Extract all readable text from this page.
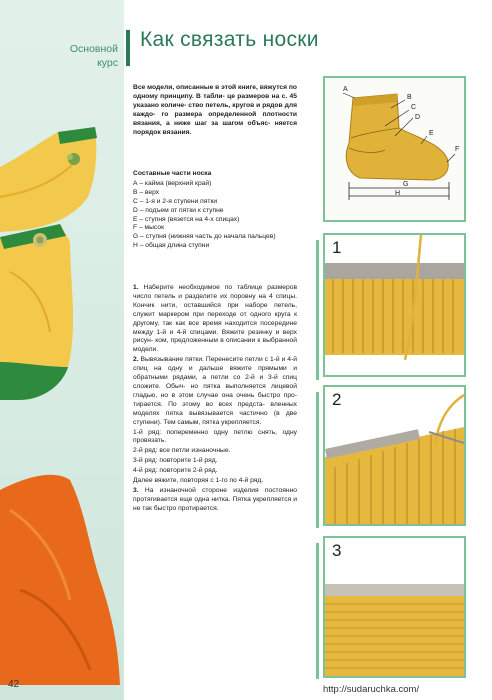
Основной
курс
42
Как связать носки
Все модели, описанные в этой книге, вяжутся по одному принципу. В табли- це размеров на с. 45 указано количе- ство петель, кругов и рядов для каждо- го размера определенной плотности вязания, а ниже шаг за шагом объяс- няется порядок вязания.
Составные части носка
А – кайма (верхний край)
В – верх
С – 1-я и 2-я ступени пятки
D – подъем от пятки к ступне
Е – ступня (вязется на 4-х спицах)
F – мысок
G – ступня (нижняя часть до начала пальцев)
Н – общая длина ступни

1. Наберите необходимое по таблице размеров число петель и разделите их поровну на 4 спицы. Кончик нити, оставшийся при наборе петель, служит маркером при переходе от одного круга к другому, так как все время находится посередине между 1-й и 4-й спицами. Вяжите резинку и верх рисун- ком, предложенным в описании к выбранной модели.

2. Вывязывание пятки. Перенесите петли с 1-й и 4-й спиц на одну и дальше вяжите прямыми и обратными рядами, а петли со 2-й и 3-й спиц сложите. Обыч- но пятка выполняется лицевой гладью, но в этом случае она очень быстро про- тирается. По этому во всех предста- вленных моделях пятка вывязывается частично (в две ступени). Тем самым, пятка укрепляется.

1-й ряд: попеременно одну петлю снять, одну провязать.

2-й ряд: все петли изнаночные.

3-й ряд: повторите 1-й ряд.

4-й ряд: повторите 2-й ряд.

Далее вяжите, повторяя с 1-го по 4-й ряд.

3. На изнаночной стороне изделия постоянно протягивается еще одна нитка. Пятка укрепляется и не так быстро протирается.

A
B
C
D
E
F
G
H
1
2
3
http://sudaruchka.com/
